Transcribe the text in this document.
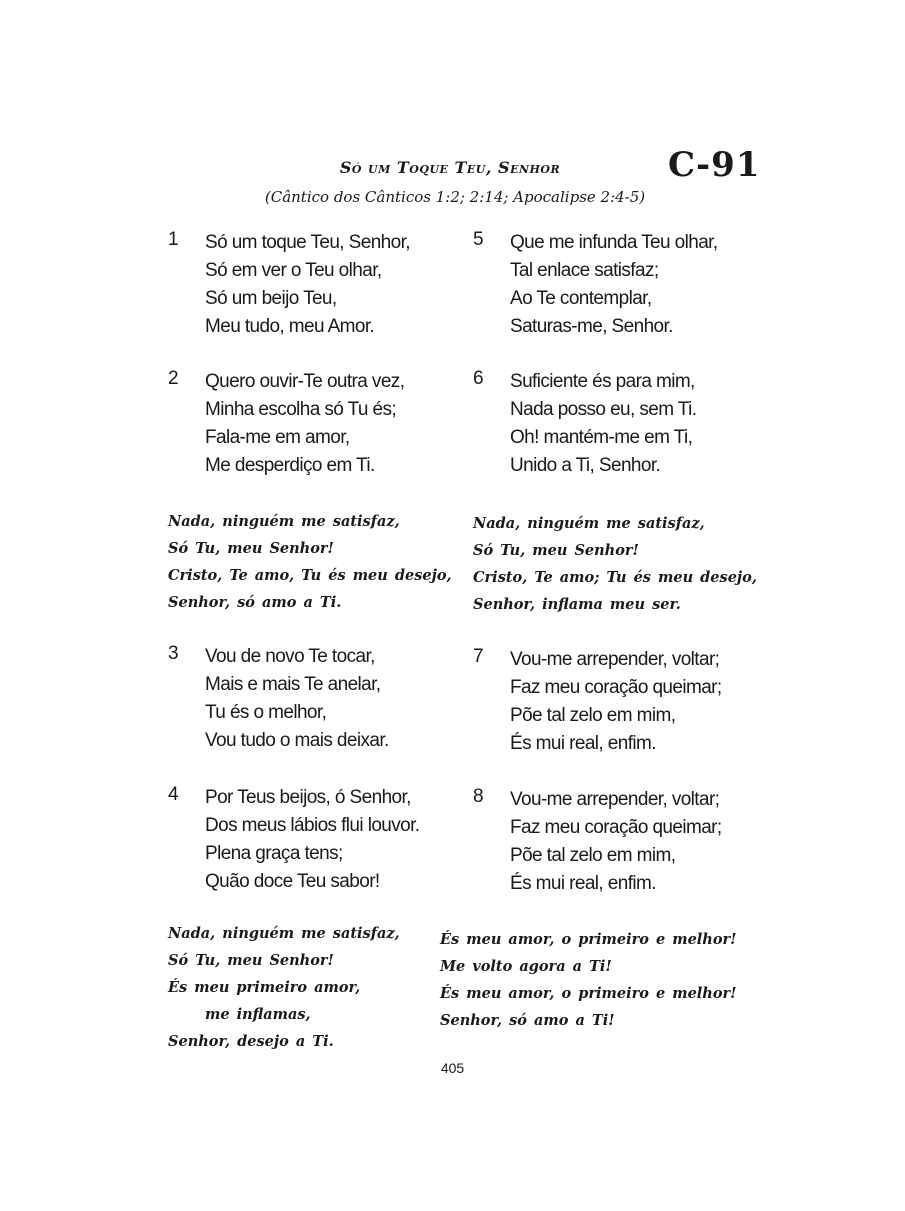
Só um Toque Teu, Senhor	C-91
(Cântico dos Cânticos 1:2; 2:14; Apocalipse 2:4-5)
1 Só um toque Teu, Senhor,
Só em ver o Teu olhar,
Só um beijo Teu,
Meu tudo, meu Amor.
2 Quero ouvir-Te outra vez,
Minha escolha só Tu és;
Fala-me em amor,
Me desperdiço em Ti.
3 Vou de novo Te tocar,
Mais e mais Te anelar,
Tu és o melhor,
Vou tudo o mais deixar.
4 Por Teus beijos, ó Senhor,
Dos meus lábios flui louvor.
Plena graça tens;
Quão doce Teu sabor!
5 Que me infunda Teu olhar,
Tal enlace satisfaz;
Ao Te contemplar,
Saturas-me, Senhor.
6 Suficiente és para mim,
Nada posso eu, sem Ti.
Oh! mantém-me em Ti,
Unido a Ti, Senhor.
7 Vou-me arrepender, voltar;
Faz meu coração queimar;
Põe tal zelo em mim,
És mui real, enfim.
8 Vou-me arrepender, voltar;
Faz meu coração queimar;
Põe tal zelo em mim,
És mui real, enfim.
Nada, ninguém me satisfaz,
Só Tu, meu Senhor!
Cristo, Te amo, Tu és meu desejo,
Senhor, só amo a Ti.
Nada, ninguém me satisfaz,
Só Tu, meu Senhor!
Cristo, Te amo; Tu és meu desejo,
Senhor, inflama meu ser.
Nada, ninguém me satisfaz,
Só Tu, meu Senhor!
És meu primeiro amor,
me inflamas,
Senhor, desejo a Ti.
És meu amor, o primeiro e melhor!
Me volto agora a Ti!
És meu amor, o primeiro e melhor!
Senhor, só amo a Ti!
405
